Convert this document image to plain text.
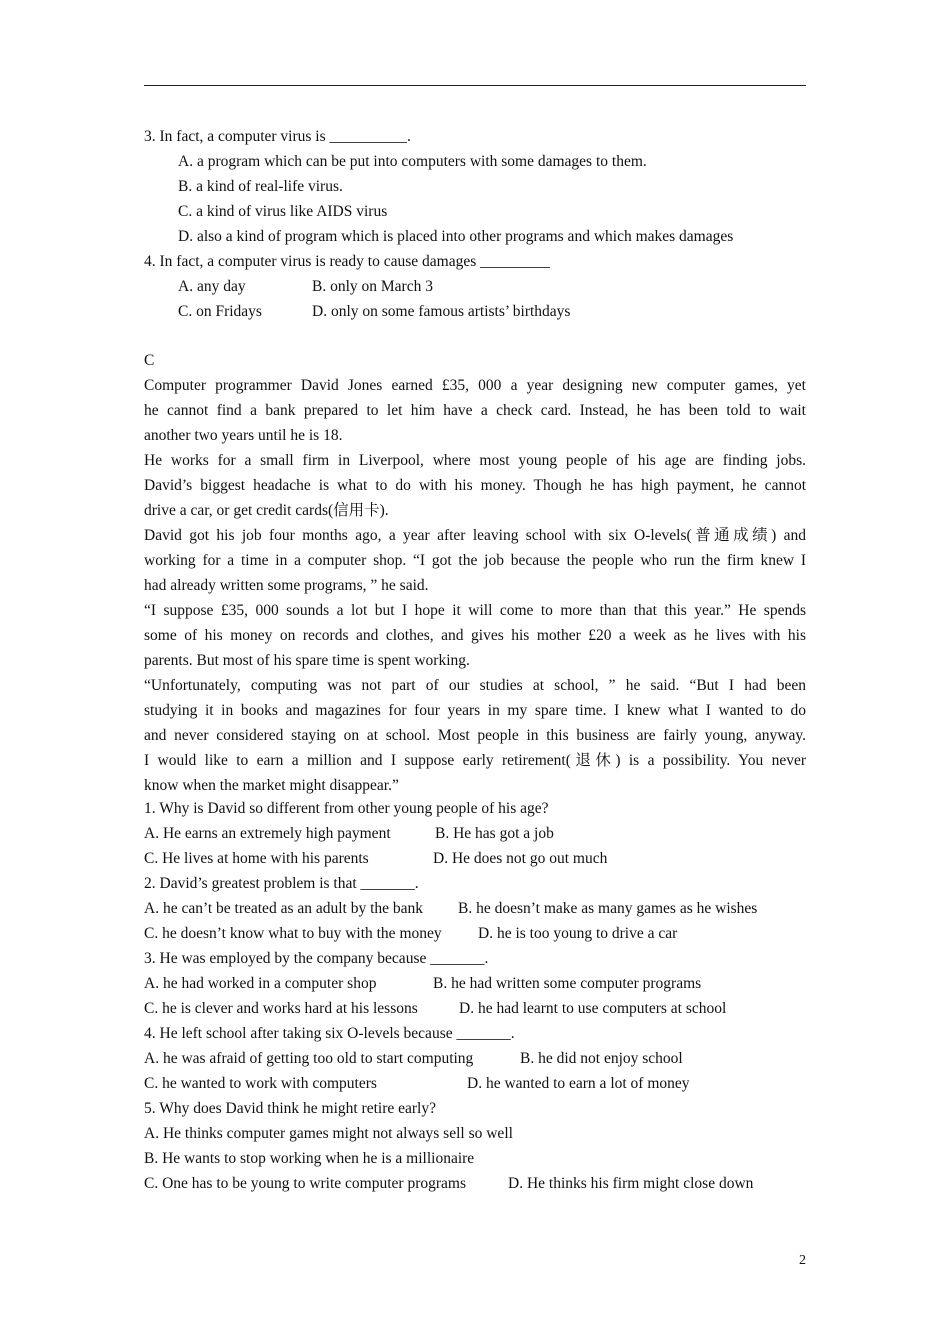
3. In fact, a computer virus is __________.
A. a program which can be put into computers with some damages to them.
B. a kind of real-life virus.
C. a kind of virus like AIDS virus
D. also a kind of program which is placed into other programs and which makes damages
4. In fact, a computer virus is ready to cause damages _________
A. any day	B. only on March 3
C. on Fridays	D. only on some famous artists’ birthdays
C
Computer programmer David Jones earned £35, 000 a year designing new computer games, yet
he cannot find a bank prepared to let him have a check card. Instead, he has been told to wait
another two years until he is 18.
He works for a small firm in Liverpool, where most young people of his age are finding jobs.
David’s biggest headache is what to do with his money. Though he has high payment, he cannot
drive a car, or get credit cards(信用卡).
David got his job four months ago, a year after leaving school with six O-levels(普通成绩) and
working for a time in a computer shop. “I got the job because the people who run the firm knew I
had already written some programs, ” he said.
“I suppose £35, 000 sounds a lot but I hope it will come to more than that this year.” He spends
some of his money on records and clothes, and gives his mother £20 a week as he lives with his
parents. But most of his spare time is spent working.
“Unfortunately, computing was not part of our studies at school, ” he said. “But I had been
studying it in books and magazines for four years in my spare time. I knew what I wanted to do
and never considered staying on at school. Most people in this business are fairly young, anyway.
I would like to earn a million and I suppose early retirement(退休) is a possibility. You never
know when the market might disappear.”
1. Why is David so different from other young people of his age?
A. He earns an extremely high payment	B. He has got a job
C. He lives at home with his parents	D. He does not go out much
2. David’s greatest problem is that _______.
A. he can’t be treated as an adult by the bank B. he doesn’t make as many games as he wishes
C. he doesn’t know what to buy with the money D. he is too young to drive a car
3. He was employed by the company because _______.
A. he had worked in a computer shop	B. he had written some computer programs
C. he is clever and works hard at his lessons	D. he had learnt to use computers at school
4. He left school after taking six O-levels because _______.
A. he was afraid of getting too old to start computing	B. he did not enjoy school
C. he wanted to work with computers	D. he wanted to earn a lot of money
5. Why does David think he might retire early?
A. He thinks computer games might not always sell so well
B. He wants to stop working when he is a millionaire
C. One has to be young to write computer programs	D. He thinks his firm might close down
2
